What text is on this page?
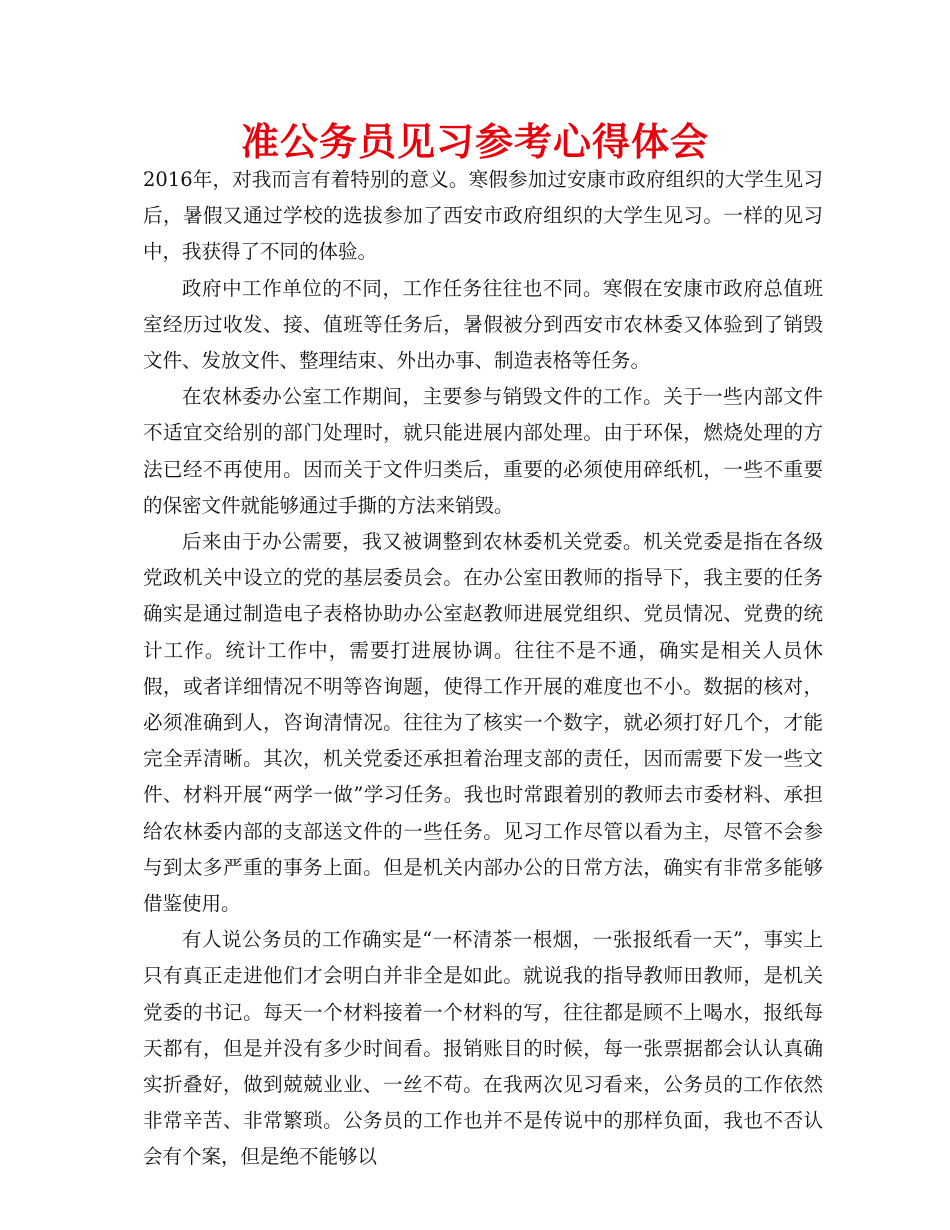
准公务员见习参考心得体会

2016年，对我而言有着特别的意义。寒假参加过安康市政府组织的大学生见习后，暑假又通过学校的选拔参加了西安市政府组织的大学生见习。一样的见习中，我获得了不同的体验。

政府中工作单位的不同，工作任务往往也不同。寒假在安康市政府总值班室经历过收发、接、值班等任务后，暑假被分到西安市农林委又体验到了销毁文件、发放文件、整理结束、外出办事、制造表格等任务。

在农林委办公室工作期间，主要参与销毁文件的工作。关于一些内部文件不适宜交给别的部门处理时，就只能进展内部处理。由于环保，燃烧处理的方法已经不再使用。因而关于文件归类后，重要的必须使用碎纸机，一些不重要的保密文件就能够通过手撕的方法来销毁。

后来由于办公需要，我又被调整到农林委机关党委。机关党委是指在各级党政机关中设立的党的基层委员会。在办公室田教师的指导下，我主要的任务确实是通过制造电子表格协助办公室赵教师进展党组织、党员情况、党费的统计工作。统计工作中，需要打进展协调。往往不是不通，确实是相关人员休假，或者详细情况不明等咨询题，使得工作开展的难度也不小。数据的核对，必须准确到人，咨询清情况。往往为了核实一个数字，就必须打好几个，才能完全弄清晰。其次，机关党委还承担着治理支部的责任，因而需要下发一些文件、材料开展“两学一做”学习任务。我也时常跟着别的教师去市委材料、承担给农林委内部的支部送文件的一些任务。见习工作尽管以看为主，尽管不会参与到太多严重的事务上面。但是机关内部办公的日常方法，确实有非常多能够借鉴使用。

有人说公务员的工作确实是“一杯清茶一根烟，一张报纸看一天”，事实上只有真正走进他们才会明白并非全是如此。就说我的指导教师田教师，是机关党委的书记。每天一个材料接着一个材料的写，往往都是顾不上喝水，报纸每天都有，但是并没有多少时间看。报销账目的时候，每一张票据都会认认真确实折叠好，做到兢兢业业、一丝不苟。在我两次见习看来，公务员的工作依然非常辛苦、非常繁琐。公务员的工作也并不是传说中的那样负面，我也不否认会有个案，但是绝不能够以
